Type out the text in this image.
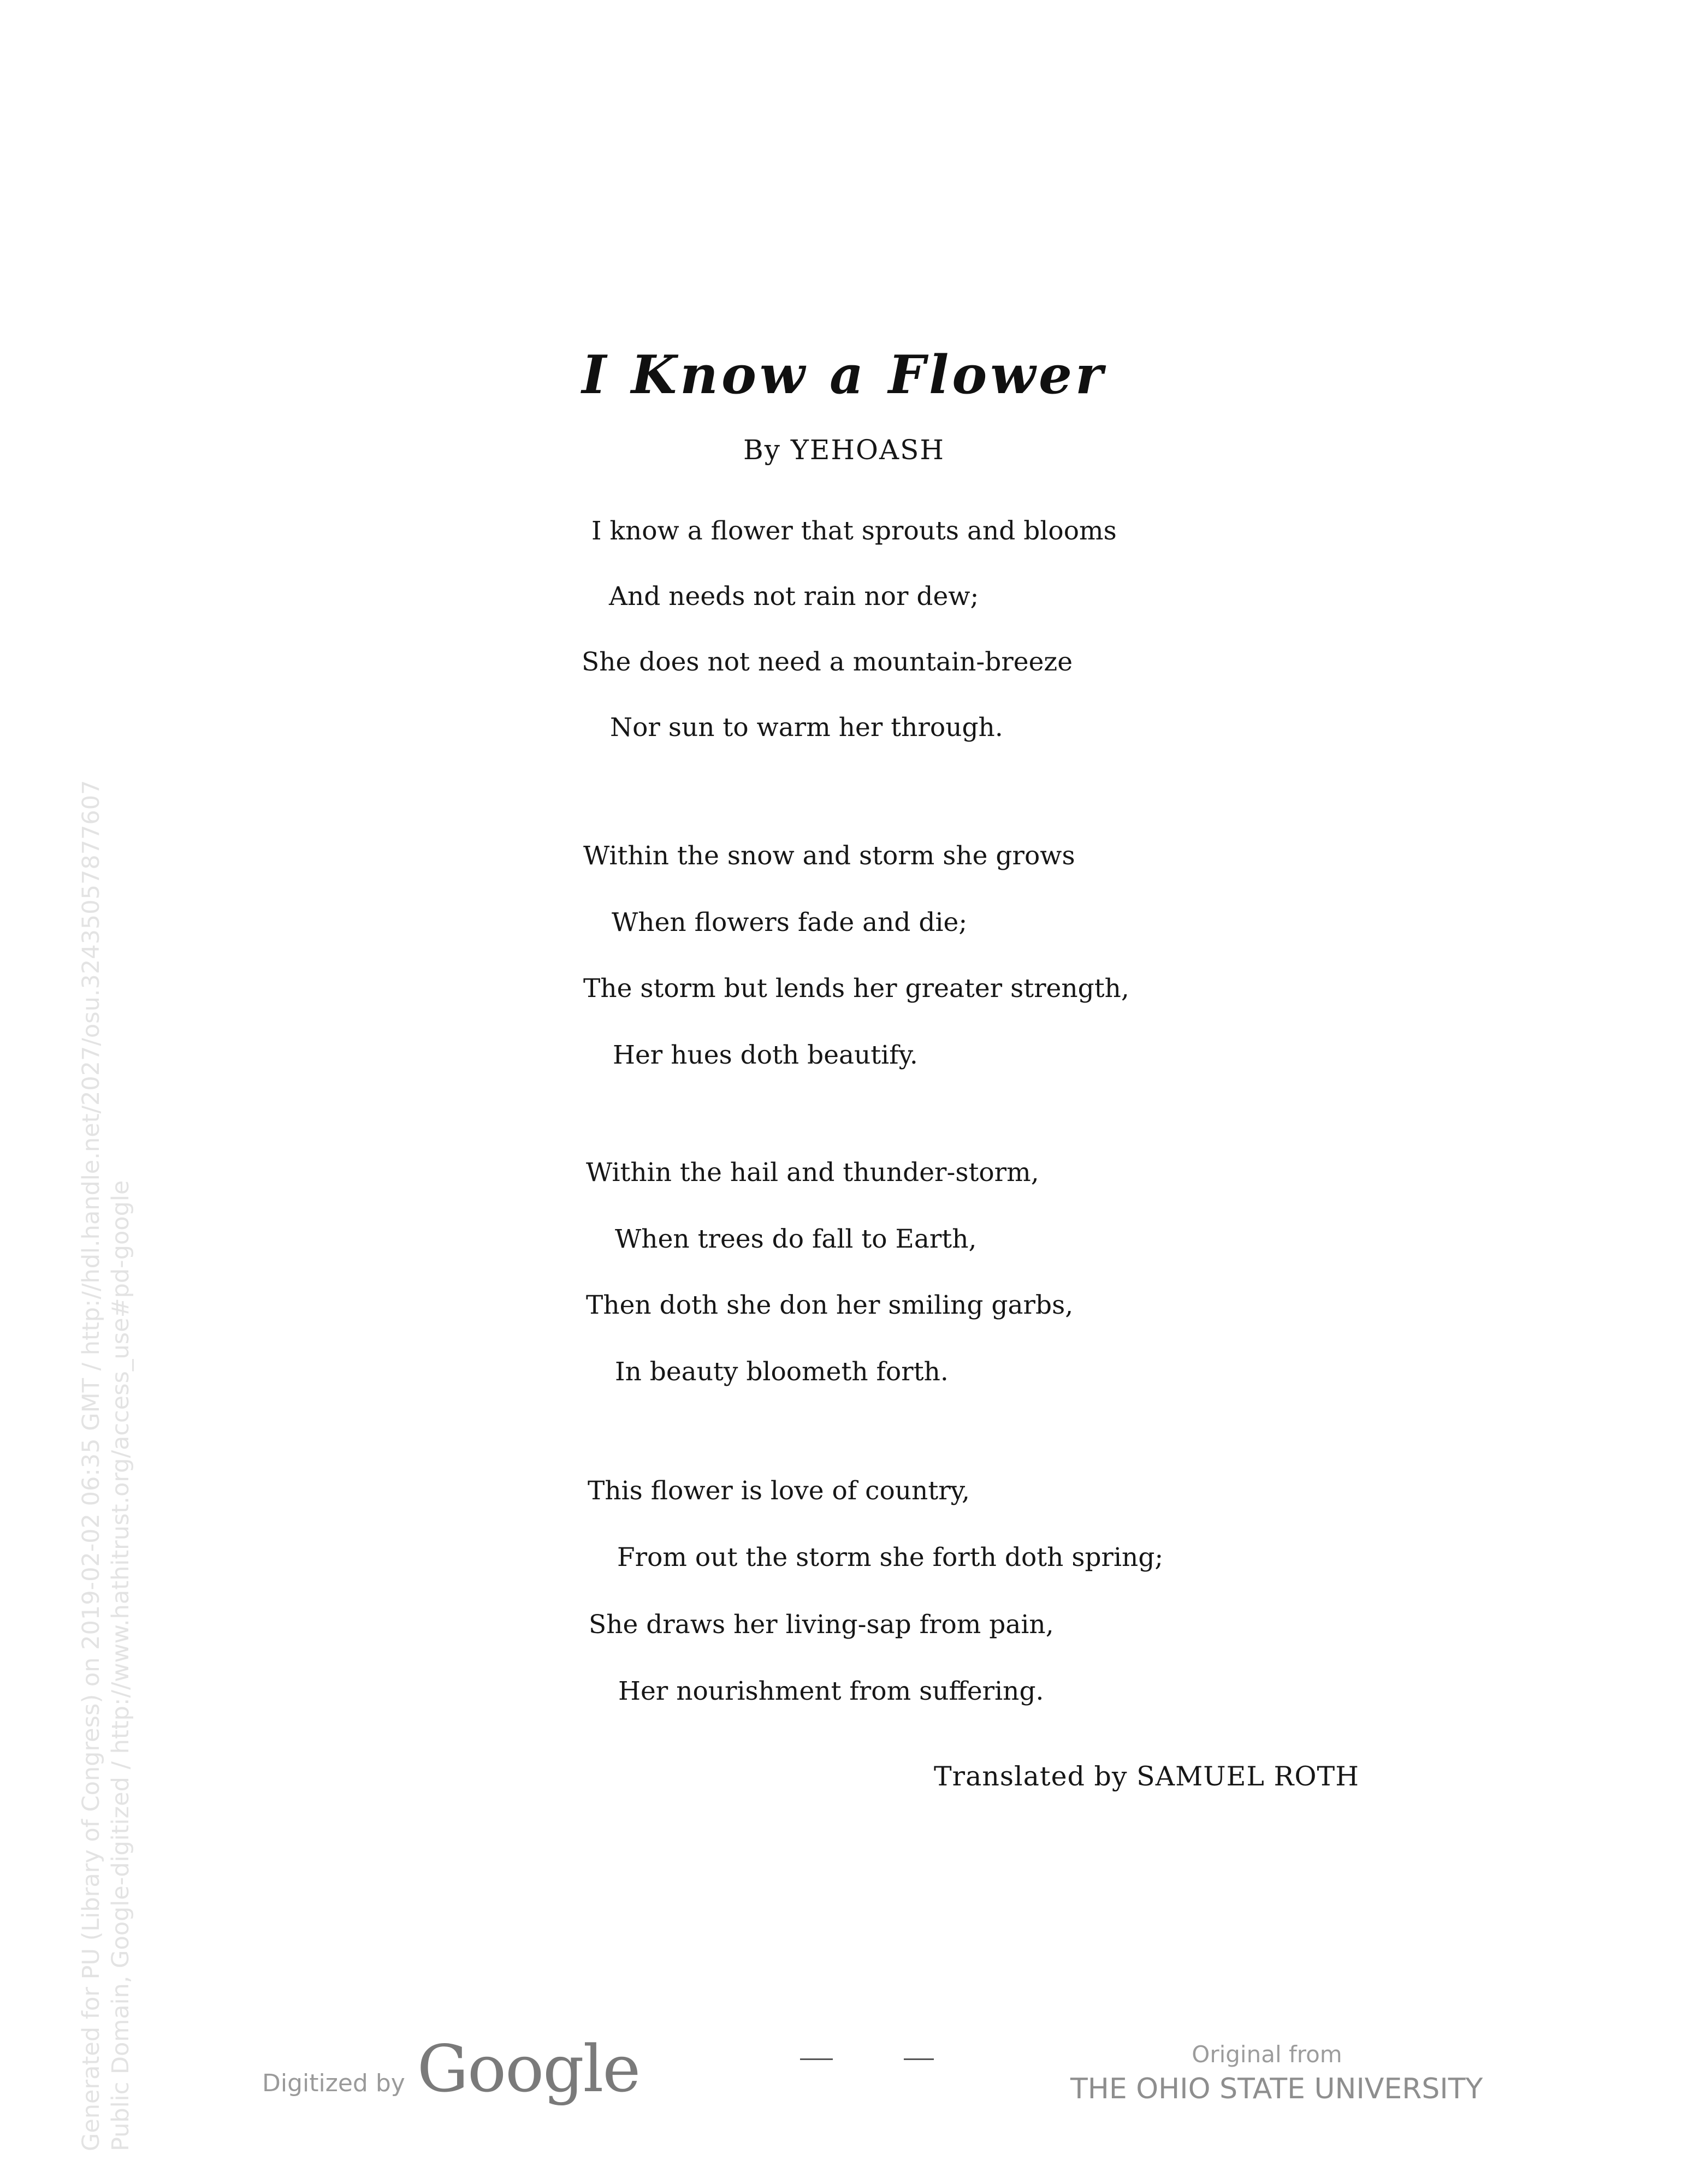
I Know a Flower
By YEHOASH
I know a flower that sprouts and blooms
And needs not rain nor dew;
She does not need a mountain-breeze
Nor sun to warm her through.
Within the snow and storm she grows
When flowers fade and die;
The storm but lends her greater strength,
Her hues doth beautify.
Within the hail and thunder-storm,
When trees do fall to Earth,
Then doth she don her smiling garbs,
In beauty bloometh forth.
This flower is love of country,
From out the storm she forth doth spring;
She draws her living-sap from pain,
Her nourishment from suffering.
Translated by SAMUEL ROTH
Generated for PU (Library of Congress) on 2019-02-02 06:35 GMT / http://hdl.handle.net/2027/osu.32435057877607 Public Domain, Google-digitized / http://www.hathitrust.org/access_use#pd-google	Digitized by Google	Original from
THE OHIO STATE UNIVERSITY
